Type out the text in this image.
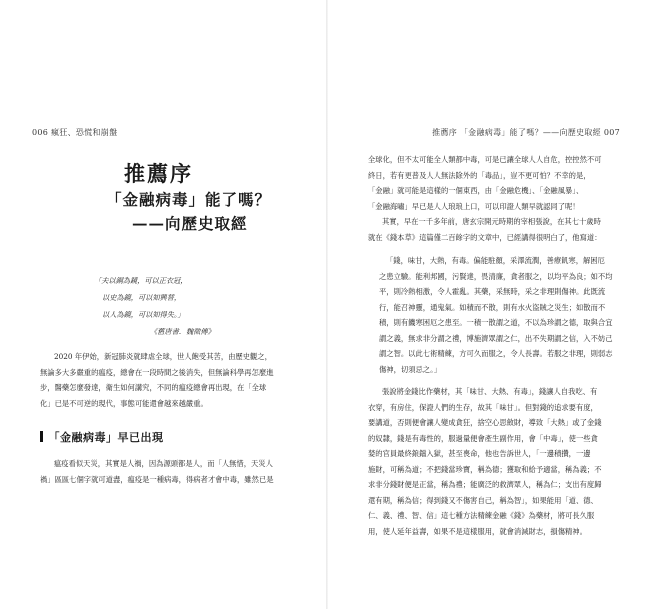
006 瘋狂、恐慌和崩盤
推薦序
「金融病毒」能了嗎？
——向歷史取經
「夫以銅為鏡，可以正衣冠，
以史為鏡，可以知興替，
以人為鏡，可以知得失。」
《舊唐書．魏徵傳》
2020 年伊始，新冠肺炎就肆虐全球，世人飽受其苦，由歷史觀之，
無論多大多嚴重的瘟疫，總會在一段時間之後消失，但無論科學再怎麼進
步，醫藥怎麼發達，衛生如何講究，不同的瘟疫總會再出現，在「全球
化」已是不可逆的現代，事態可能還會越來越嚴重。
「金融病毒」早已出現
瘟疫看似天災，其實是人禍，因為源頭都是人，而「人無惜，天災人
禍」區區七個字就可道盡，瘟疫是一種病毒，得病者才會中毒，雖然已是
推薦序 「金融病毒」能了嗎？——向歷史取經 007
全球化，但不太可能全人類都中毒，可是已讓全球人人自危，控控然不可
終日，若有更普及人人無法除外的「毒品」，豈不更可怕？不幸的是，
「金融」就可能是這樣的一個東西，由「金融危機」、「金融風暴」、
「金融海嘯」早已是人人琅琅上口，可以印證人類早就認同了呢！
其實，早在一千多年前，唐玄宗開元時期的宰相張說，在其七十歲時
就在《錢本草》這篇僅二百餘字的文章中，已經講得很明白了，他寫道：
「錢，味甘，大熱，有毒。偏能駐顏，采澤流潤，善療飢寒，解困厄
之患立驗。能利邦國，污賢達，畏清廉，貪者服之，以均平為良；如不均
平，則冷熱相激，令人霍亂。其藥，采無時，采之非理則傷神。此既流
行，能召神靈，通鬼氣。如積而不散，則有水火盜賊之災生；如散而不
積，則有饑寒困厄之患至。一積一散謂之道，不以為珍謂之德，取與合宜
謂之義，無求非分謂之禮，博施濟眾謂之仁，出不失期謂之信，入不妨己
謂之智。以此七術精練，方可久而服之，令人長壽。若服之非理，則弱志
傷神，切須忌之。」
張說將金錢比作藥材，其「味甘、大熱、有毒」，錢讓人自我吃、有
衣穿，有房住，保證人們的生存，故其「味甘」。但對錢的追求要有度，
要講道，否則便會讓人變成貪狂，捨空心思斂財，導致「大熱」或了金錢
的奴隸，錢是有毒性的，服過量便會產生副作用，會「中毒」，使一些貪
婪的官員最終鋃鐺入獄，甚至喪命，他也告訴世人，「一邊積攢，一邊
施財，可稱為道；不把錢當珍寶，稱為德；獲取和給予適當，稱為義；不
求非分錢財便是正當，稱為禮；能廣泛的救濟眾人，稱為仁；支出有度歸
還有期，稱為信；得到錢又不傷害自己，稱為智」，如果能用「道、德、
仁、義、禮、智、信」這七種方法精練金融《錢》為藥材，將可長久服
用，使人延年益壽，如果不是這樣服用，就會消減財志，損傷精神。
